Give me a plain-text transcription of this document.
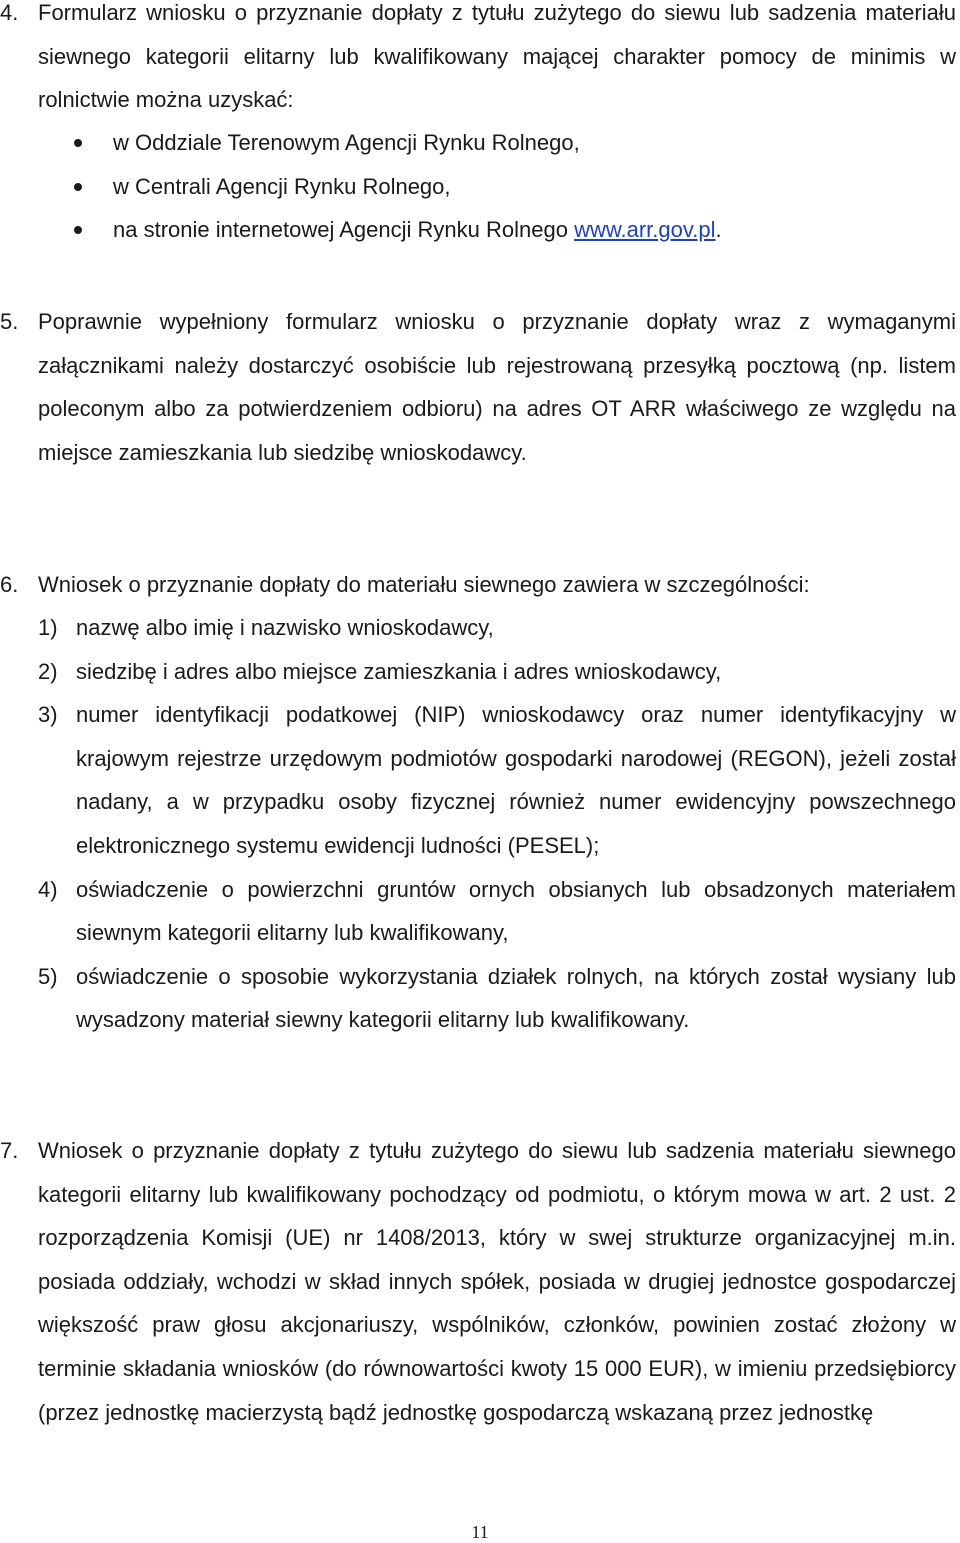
4. Formularz wniosku o przyznanie dopłaty z tytułu zużytego do siewu lub sadzenia materiału siewnego kategorii elitarny lub kwalifikowany mającej charakter pomocy de minimis w rolnictwie można uzyskać:
w Oddziale Terenowym Agencji Rynku Rolnego,
w Centrali Agencji Rynku Rolnego,
na stronie internetowej Agencji Rynku Rolnego www.arr.gov.pl.
5. Poprawnie wypełniony formularz wniosku o przyznanie dopłaty wraz z wymaganymi załącznikami należy dostarczyć osobiście lub rejestrowaną przesyłką pocztową (np. listem poleconym albo za potwierdzeniem odbioru) na adres OT ARR właściwego ze względu na miejsce zamieszkania lub siedzibę wnioskodawcy.
6. Wniosek o przyznanie dopłaty do materiału siewnego zawiera w szczególności:
1) nazwę albo imię i nazwisko wnioskodawcy,
2) siedzibę i adres albo miejsce zamieszkania i adres wnioskodawcy,
3) numer identyfikacji podatkowej (NIP) wnioskodawcy oraz numer identyfikacyjny w krajowym rejestrze urzędowym podmiotów gospodarki narodowej (REGON), jeżeli został nadany, a w przypadku osoby fizycznej również numer ewidencyjny powszechnego elektronicznego systemu ewidencji ludności (PESEL);
4) oświadczenie o powierzchni gruntów ornych obsianych lub obsadzonych materiałem siewnym kategorii elitarny lub kwalifikowany,
5) oświadczenie o sposobie wykorzystania działek rolnych, na których został wysiany lub wysadzony materiał siewny kategorii elitarny lub kwalifikowany.
7. Wniosek o przyznanie dopłaty z tytułu zużytego do siewu lub sadzenia materiału siewnego kategorii elitarny lub kwalifikowany pochodzący od podmiotu, o którym mowa w art. 2 ust. 2 rozporządzenia Komisji (UE) nr 1408/2013, który w swej strukturze organizacyjnej m.in. posiada oddziały, wchodzi w skład innych spółek, posiada w drugiej jednostce gospodarczej większość praw głosu akcjonariuszy, wspólników, członków, powinien zostać złożony w terminie składania wniosków (do równowartości kwoty 15 000 EUR), w imieniu przedsiębiorcy (przez jednostkę macierzystą bądź jednostkę gospodarczą wskazaną przez jednostkę
11
